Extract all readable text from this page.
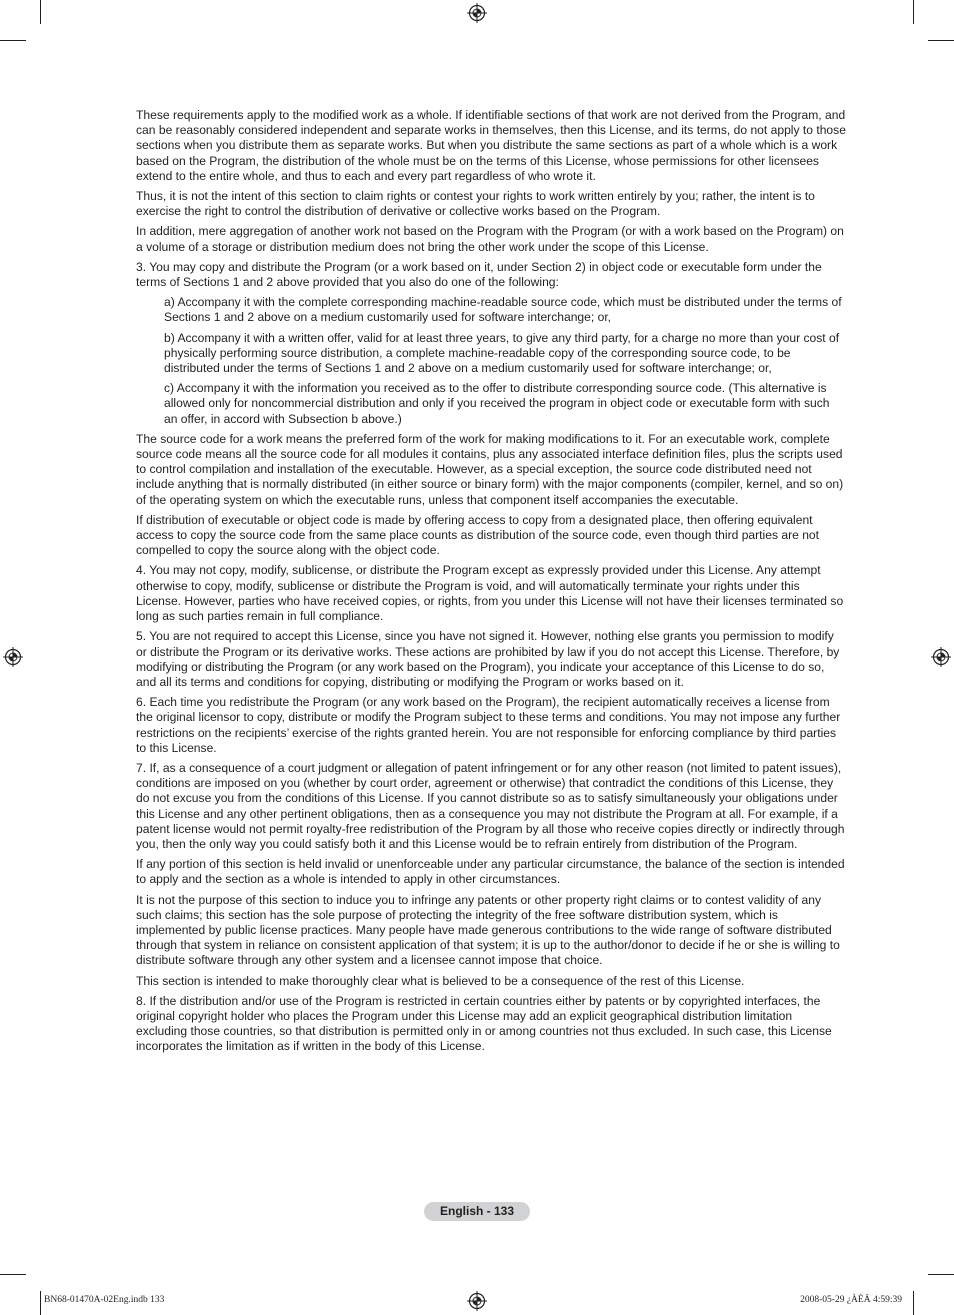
These requirements apply to the modified work as a whole. If identifiable sections of that work are not derived from the Program, and can be reasonably considered independent and separate works in themselves, then this License, and its terms, do not apply to those sections when you distribute them as separate works. But when you distribute the same sections as part of a whole which is a work based on the Program, the distribution of the whole must be on the terms of this License, whose permissions for other licensees extend to the entire whole, and thus to each and every part regardless of who wrote it.

Thus, it is not the intent of this section to claim rights or contest your rights to work written entirely by you; rather, the intent is to exercise the right to control the distribution of derivative or collective works based on the Program.

In addition, mere aggregation of another work not based on the Program with the Program (or with a work based on the Program) on a volume of a storage or distribution medium does not bring the other work under the scope of this License.

3. You may copy and distribute the Program (or a work based on it, under Section 2) in object code or executable form under the terms of Sections 1 and 2 above provided that you also do one of the following:

a) Accompany it with the complete corresponding machine-readable source code, which must be distributed under the terms of Sections 1 and 2 above on a medium customarily used for software interchange; or,

b) Accompany it with a written offer, valid for at least three years, to give any third party, for a charge no more than your cost of physically performing source distribution, a complete machine-readable copy of the corresponding source code, to be distributed under the terms of Sections 1 and 2 above on a medium customarily used for software interchange; or,

c) Accompany it with the information you received as to the offer to distribute corresponding source code. (This alternative is allowed only for noncommercial distribution and only if you received the program in object code or executable form with such an offer, in accord with Subsection b above.)

The source code for a work means the preferred form of the work for making modifications to it. For an executable work, complete source code means all the source code for all modules it contains, plus any associated interface definition files, plus the scripts used to control compilation and installation of the executable. However, as a special exception, the source code distributed need not include anything that is normally distributed (in either source or binary form) with the major components (compiler, kernel, and so on) of the operating system on which the executable runs, unless that component itself accompanies the executable.

If distribution of executable or object code is made by offering access to copy from a designated place, then offering equivalent access to copy the source code from the same place counts as distribution of the source code, even though third parties are not compelled to copy the source along with the object code.

4. You may not copy, modify, sublicense, or distribute the Program except as expressly provided under this License. Any attempt otherwise to copy, modify, sublicense or distribute the Program is void, and will automatically terminate your rights under this License. However, parties who have received copies, or rights, from you under this License will not have their licenses terminated so long as such parties remain in full compliance.

5. You are not required to accept this License, since you have not signed it. However, nothing else grants you permission to modify or distribute the Program or its derivative works. These actions are prohibited by law if you do not accept this License. Therefore, by modifying or distributing the Program (or any work based on the Program), you indicate your acceptance of this License to do so, and all its terms and conditions for copying, distributing or modifying the Program or works based on it.

6. Each time you redistribute the Program (or any work based on the Program), the recipient automatically receives a license from the original licensor to copy, distribute or modify the Program subject to these terms and conditions. You may not impose any further restrictions on the recipients’ exercise of the rights granted herein. You are not responsible for enforcing compliance by third parties to this License.

7. If, as a consequence of a court judgment or allegation of patent infringement or for any other reason (not limited to patent issues), conditions are imposed on you (whether by court order, agreement or otherwise) that contradict the conditions of this License, they do not excuse you from the conditions of this License. If you cannot distribute so as to satisfy simultaneously your obligations under this License and any other pertinent obligations, then as a consequence you may not distribute the Program at all. For example, if a patent license would not permit royalty-free redistribution of the Program by all those who receive copies directly or indirectly through you, then the only way you could satisfy both it and this License would be to refrain entirely from distribution of the Program.

If any portion of this section is held invalid or unenforceable under any particular circumstance, the balance of the section is intended to apply and the section as a whole is intended to apply in other circumstances.

It is not the purpose of this section to induce you to infringe any patents or other property right claims or to contest validity of any such claims; this section has the sole purpose of protecting the integrity of the free software distribution system, which is implemented by public license practices. Many people have made generous contributions to the wide range of software distributed through that system in reliance on consistent application of that system; it is up to the author/donor to decide if he or she is willing to distribute software through any other system and a licensee cannot impose that choice.

This section is intended to make thoroughly clear what is believed to be a consequence of the rest of this License.

8. If the distribution and/or use of the Program is restricted in certain countries either by patents or by copyrighted interfaces, the original copyright holder who places the Program under this License may add an explicit geographical distribution limitation excluding those countries, so that distribution is permitted only in or among countries not thus excluded. In such case, this License incorporates the limitation as if written in the body of this License.

English - 133
BN68-01470A-02Eng.indb 133	2008-05-29 ¿ÀÈÄ 4:59:39
